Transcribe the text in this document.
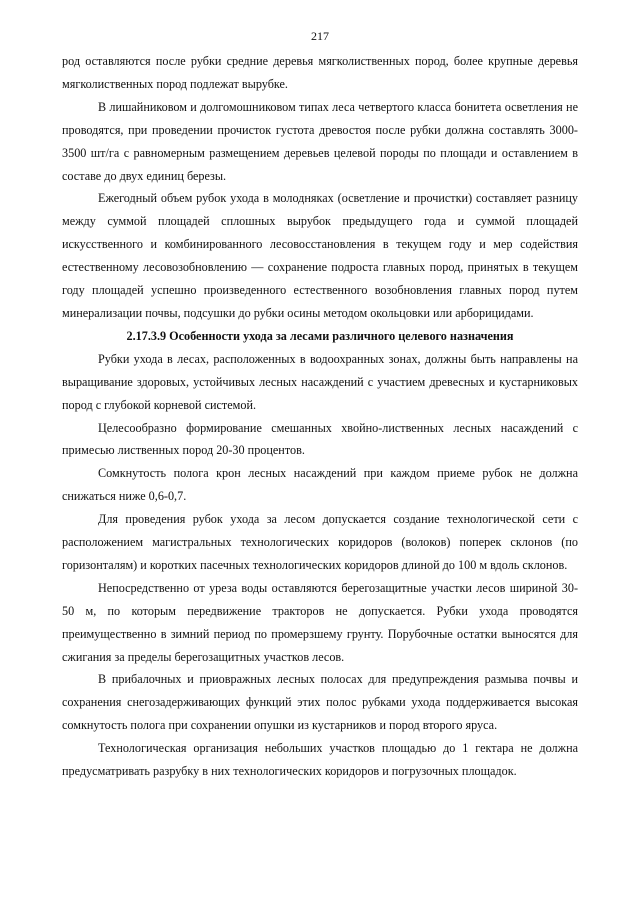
217

род оставляются после рубки средние деревья мягколиственных пород, более крупные деревья мягколиственных пород подлежат вырубке.

В лишайниковом и долгомошниковом типах леса четвертого класса бонитета осветления не проводятся, при проведении прочисток густота древостоя после рубки должна составлять 3000-3500 шт/га с равномерным размещением деревьев целевой породы по площади и оставлением в составе до двух единиц березы.

Ежегодный объем рубок ухода в молодняках (осветление и прочистки) составляет разницу между суммой площадей сплошных вырубок предыдущего года и суммой площадей искусственного и комбинированного лесовосстановления в текущем году и мер содействия естественному лесовозобновлению — сохранение подроста главных пород, принятых в текущем году площадей успешно произведенного естественного возобновления главных пород путем минерализации почвы, подсушки до рубки осины методом окольцовки или арборицидами.

2.17.3.9 Особенности ухода за лесами различного целевого назначения

Рубки ухода в лесах, расположенных в водоохранных зонах, должны быть направлены на выращивание здоровых, устойчивых лесных насаждений с участием древесных и кустарниковых пород с глубокой корневой системой.

Целесообразно формирование смешанных хвойно-лиственных лесных насаждений с примесью лиственных пород 20-30 процентов.

Сомкнутость полога крон лесных насаждений при каждом приеме рубок не должна снижаться ниже 0,6-0,7.

Для проведения рубок ухода за лесом допускается создание технологической сети с расположением магистральных технологических коридоров (волоков) поперек склонов (по горизонталям) и коротких пасечных технологических коридоров длиной до 100 м вдоль склонов.

Непосредственно от уреза воды оставляются берегозащитные участки лесов шириной 30-50 м, по которым передвижение тракторов не допускается. Рубки ухода проводятся преимущественно в зимний период по промерзшему грунту. Порубочные остатки выносятся для сжигания за пределы берегозащитных участков лесов.

В прибалочных и приовражных лесных полосах для предупреждения размыва почвы и сохранения снегозадерживающих функций этих полос рубками ухода поддерживается высокая сомкнутость полога при сохранении опушки из кустарников и пород второго яруса.

Технологическая организация небольших участков площадью до 1 гектара не должна предусматривать разрубку в них технологических коридоров и погрузочных площадок.
